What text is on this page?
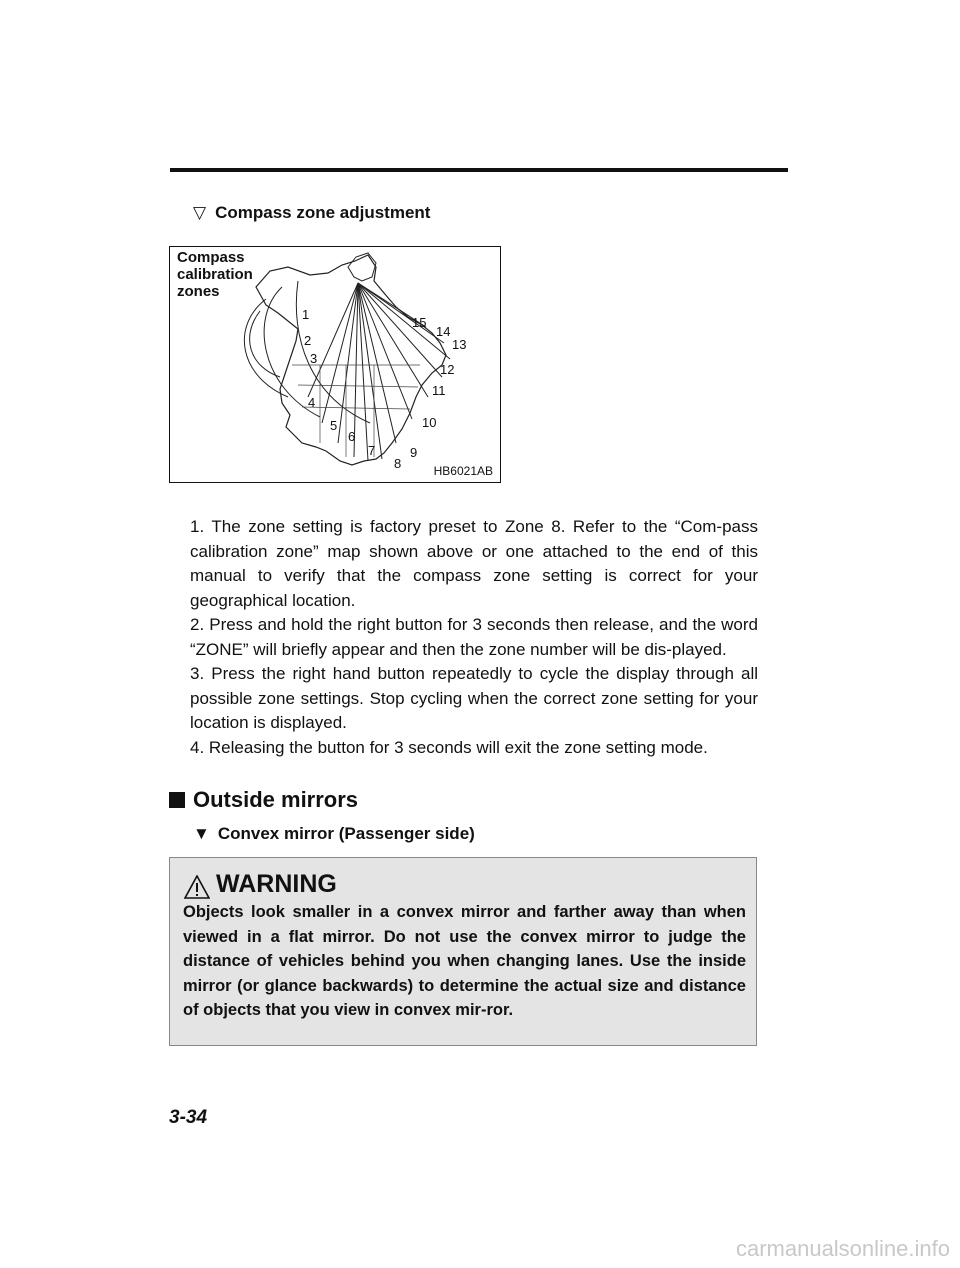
▽ Compass zone adjustment
1
2
3
4
5
6
7
8
9
10
11
12
13
14
15
Compass
calibration
zones
HB6021AB

1. The zone setting is factory preset to Zone 8. Refer to the “Com-pass calibration zone” map shown above or one attached to the end of this manual to verify that the compass zone setting is correct for your geographical location.

2. Press and hold the right button for 3 seconds then release, and the word “ZONE” will briefly appear and then the zone number will be dis-played.

3. Press the right hand button repeatedly to cycle the display through all possible zone settings. Stop cycling when the correct zone setting for your location is displayed.

4. Releasing the button for 3 seconds will exit the zone setting mode.

Outside mirrors
▼ Convex mirror (Passenger side)
WARNING
Objects look smaller in a convex mirror and farther away than when viewed in a flat mirror. Do not use the convex mirror to judge the distance of vehicles behind you when changing lanes. Use the inside mirror (or glance backwards) to determine the actual size and distance of objects that you view in convex mir-ror.
3-34
carmanualsonline.info
